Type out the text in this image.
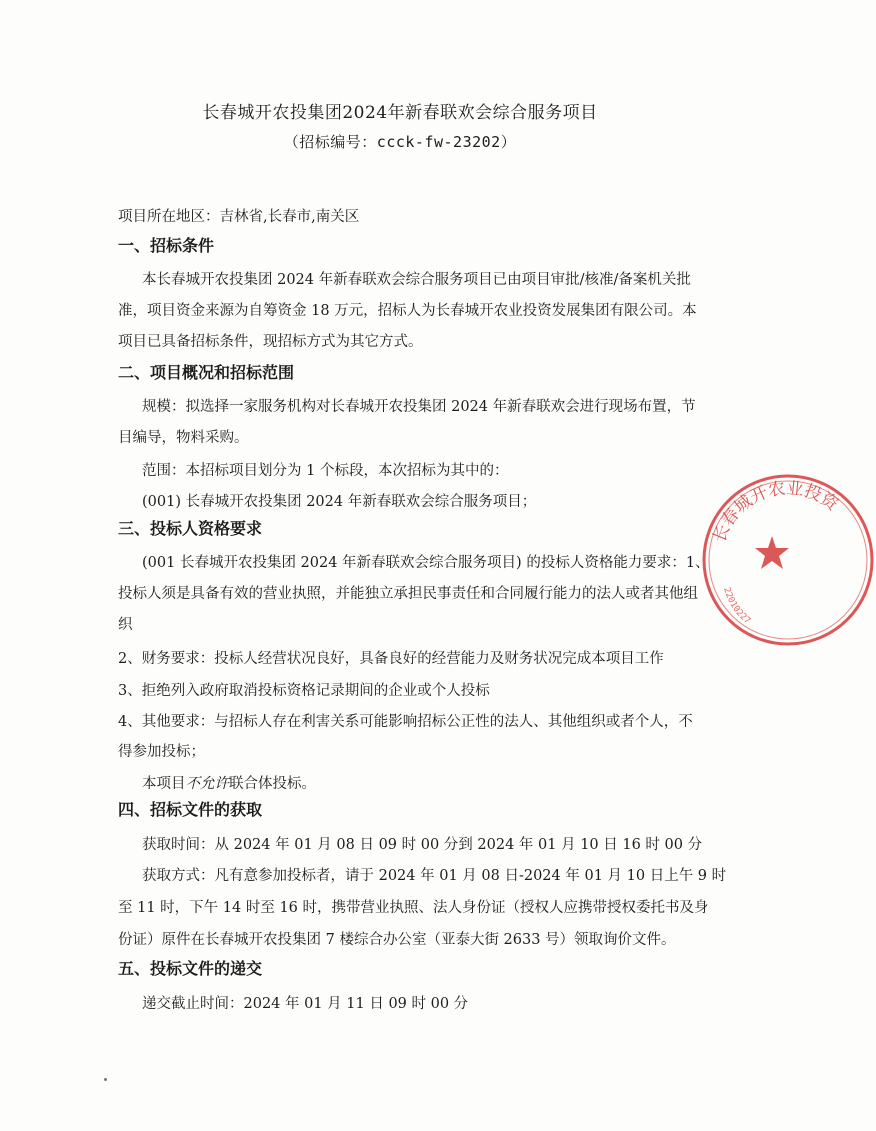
长春城开农投集团2024年新春联欢会综合服务项目
（招标编号：ccck-fw-23202）
项目所在地区：吉林省,长春市,南关区
一、招标条件
本长春城开农投集团 2024 年新春联欢会综合服务项目已由项目审批/核准/备案机关批
准，项目资金来源为自筹资金 18 万元，招标人为长春城开农业投资发展集团有限公司。本
项目已具备招标条件，现招标方式为其它方式。
二、项目概况和招标范围
规模：拟选择一家服务机构对长春城开农投集团 2024 年新春联欢会进行现场布置，节
目编导，物料采购。
范围：本招标项目划分为 1 个标段，本次招标为其中的：
(001) 长春城开农投集团 2024 年新春联欢会综合服务项目；
三、投标人资格要求
(001 长春城开农投集团 2024 年新春联欢会综合服务项目) 的投标人资格能力要求：1、
投标人须是具备有效的营业执照，并能独立承担民事责任和合同履行能力的法人或者其他组
织
2、财务要求：投标人经营状况良好，具备良好的经营能力及财务状况完成本项目工作
3、拒绝列入政府取消投标资格记录期间的企业或个人投标
4、其他要求：与招标人存在利害关系可能影响招标公正性的法人、其他组织或者个人，不
得参加投标；
本项目不允许联合体投标。
四、招标文件的获取
获取时间：从 2024 年 01 月 08 日 09 时 00 分到 2024 年 01 月 10 日 16 时 00 分
获取方式：凡有意参加投标者，请于 2024 年 01 月 08 日-2024 年 01 月 10 日上午 9 时
至 11 时，下午 14 时至 16 时，携带营业执照、法人身份证（授权人应携带授权委托书及身
份证）原件在长春城开农投集团 7 楼综合办公室（亚泰大街 2633 号）领取询价文件。
五、投标文件的递交
递交截止时间：2024 年 01 月 11 日 09 时 00 分
长春城开农业投资
22010227
